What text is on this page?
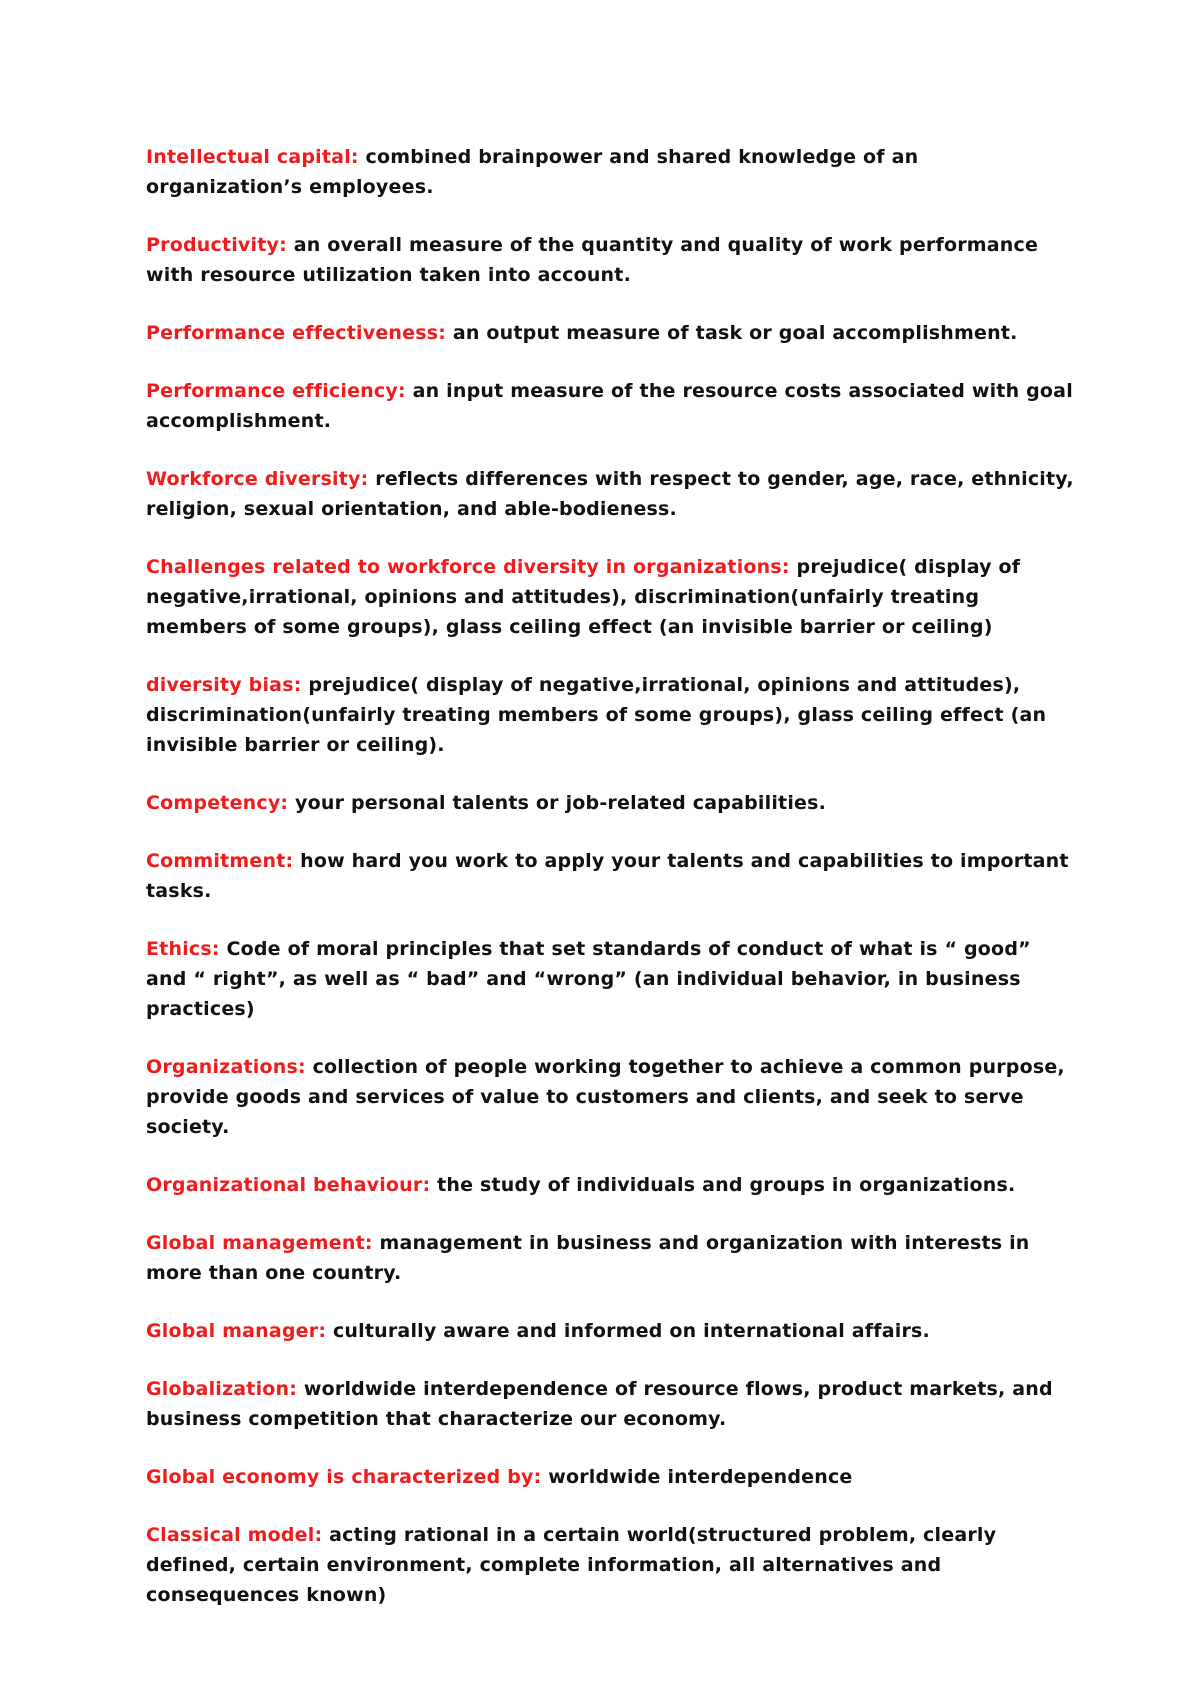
Intellectual capital: combined brainpower and shared knowledge of an organization’s employees.

Productivity: an overall measure of the quantity and quality of work performance with resource utilization taken into account.

Performance effectiveness: an output measure of task or goal accomplishment.

Performance efficiency: an input measure of the resource costs associated with goal accomplishment.

Workforce diversity: reflects differences with respect to gender, age, race, ethnicity, religion, sexual orientation, and able-bodieness.

Challenges related to workforce diversity in organizations: prejudice( display of negative,irrational, opinions and attitudes), discrimination(unfairly treating members of some groups), glass ceiling effect (an invisible barrier or ceiling)

diversity bias: prejudice( display of negative,irrational, opinions and attitudes), discrimination(unfairly treating members of some groups), glass ceiling effect (an invisible barrier or ceiling).

Competency: your personal talents or job-related capabilities.

Commitment: how hard you work to apply your talents and capabilities to important tasks.

Ethics: Code of moral principles that set standards of conduct of what is “ good” and “ right”, as well as “ bad” and “wrong” (an individual behavior, in business practices)

Organizations: collection of people working together to achieve a common purpose, provide goods and services of value to customers and clients, and seek to serve society.

Organizational behaviour: the study of individuals and groups in organizations.

Global management: management in business and organization with interests in more than one country.

Global manager: culturally aware and informed on international affairs.

Globalization: worldwide interdependence of resource flows, product markets, and business competition that characterize our economy.

Global economy is characterized by: worldwide interdependence

Classical model: acting rational in a certain world(structured problem, clearly defined, certain environment, complete information, all alternatives and consequences known)
